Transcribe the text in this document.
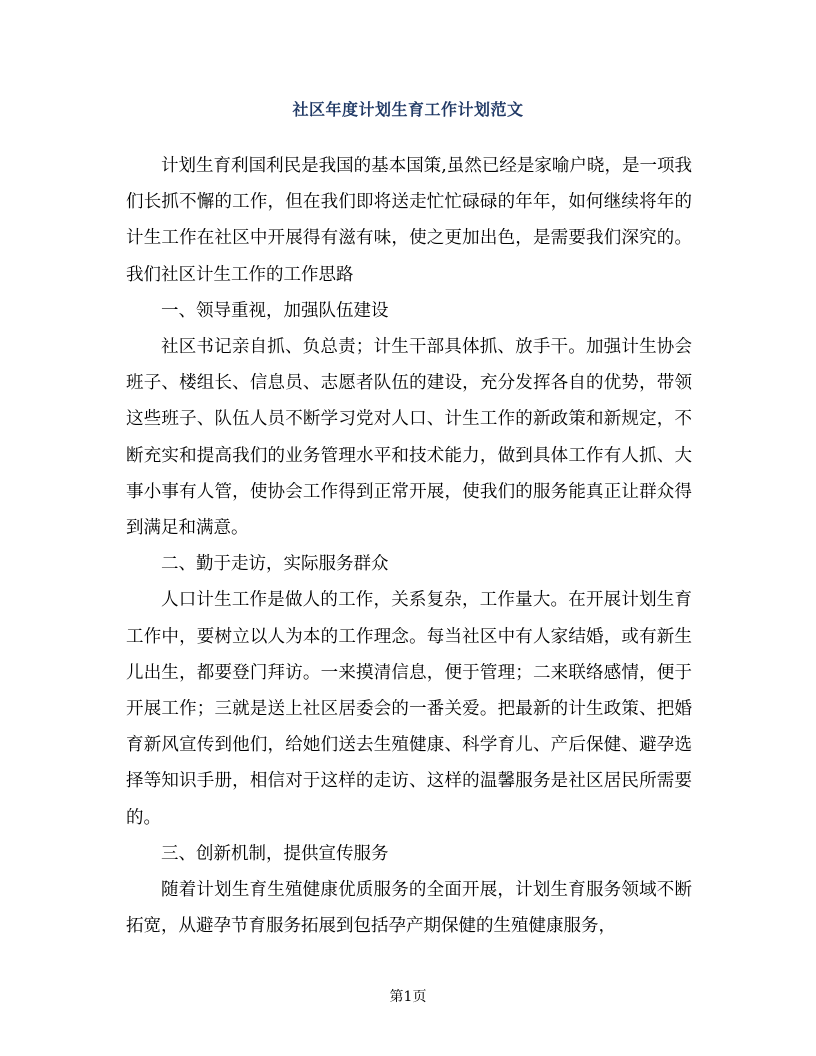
社区年度计划生育工作计划范文

计划生育利国利民是我国的基本国策,虽然已经是家喻户晓，是一项我们长抓不懈的工作，但在我们即将送走忙忙碌碌的年年，如何继续将年的计生工作在社区中开展得有滋有味，使之更加出色，是需要我们深究的。我们社区计生工作的工作思路

一、领导重视，加强队伍建设

社区书记亲自抓、负总责；计生干部具体抓、放手干。加强计生协会班子、楼组长、信息员、志愿者队伍的建设，充分发挥各自的优势，带领这些班子、队伍人员不断学习党对人口、计生工作的新政策和新规定，不断充实和提高我们的业务管理水平和技术能力，做到具体工作有人抓、大事小事有人管，使协会工作得到正常开展，使我们的服务能真正让群众得到满足和满意。

二、勤于走访，实际服务群众

人口计生工作是做人的工作，关系复杂，工作量大。在开展计划生育工作中，要树立以人为本的工作理念。每当社区中有人家结婚，或有新生儿出生，都要登门拜访。一来摸清信息，便于管理；二来联络感情，便于开展工作；三就是送上社区居委会的一番关爱。把最新的计生政策、把婚育新风宣传到他们，给她们送去生殖健康、科学育儿、产后保健、避孕选择等知识手册，相信对于这样的走访、这样的温馨服务是社区居民所需要的。

三、创新机制，提供宣传服务

随着计划生育生殖健康优质服务的全面开展，计划生育服务领域不断拓宽，从避孕节育服务拓展到包括孕产期保健的生殖健康服务，

第1页
